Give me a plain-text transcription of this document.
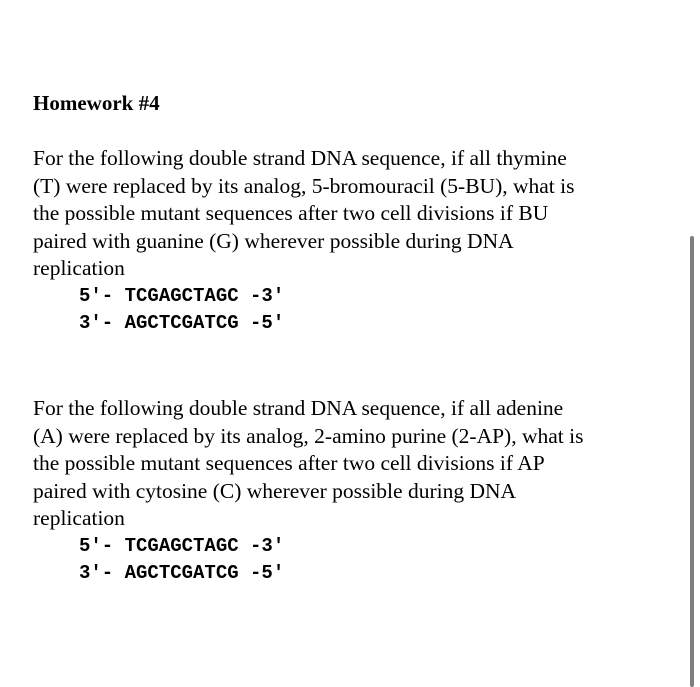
Homework #4
For the following double strand DNA sequence, if all thymine
(T) were replaced by its analog, 5-bromouracil (5-BU), what is
the possible mutant sequences after two cell divisions if BU
paired with guanine (G) wherever possible during DNA
replication
5′- TCGAGCTAGC -3′
3′- AGCTCGATCG -5′
For the following double strand DNA sequence, if all adenine
(A) were replaced by its analog, 2-amino purine (2-AP), what is
the possible mutant sequences after two cell divisions if AP
paired with cytosine (C) wherever possible during DNA
replication
5′- TCGAGCTAGC -3′
3′- AGCTCGATCG -5′
